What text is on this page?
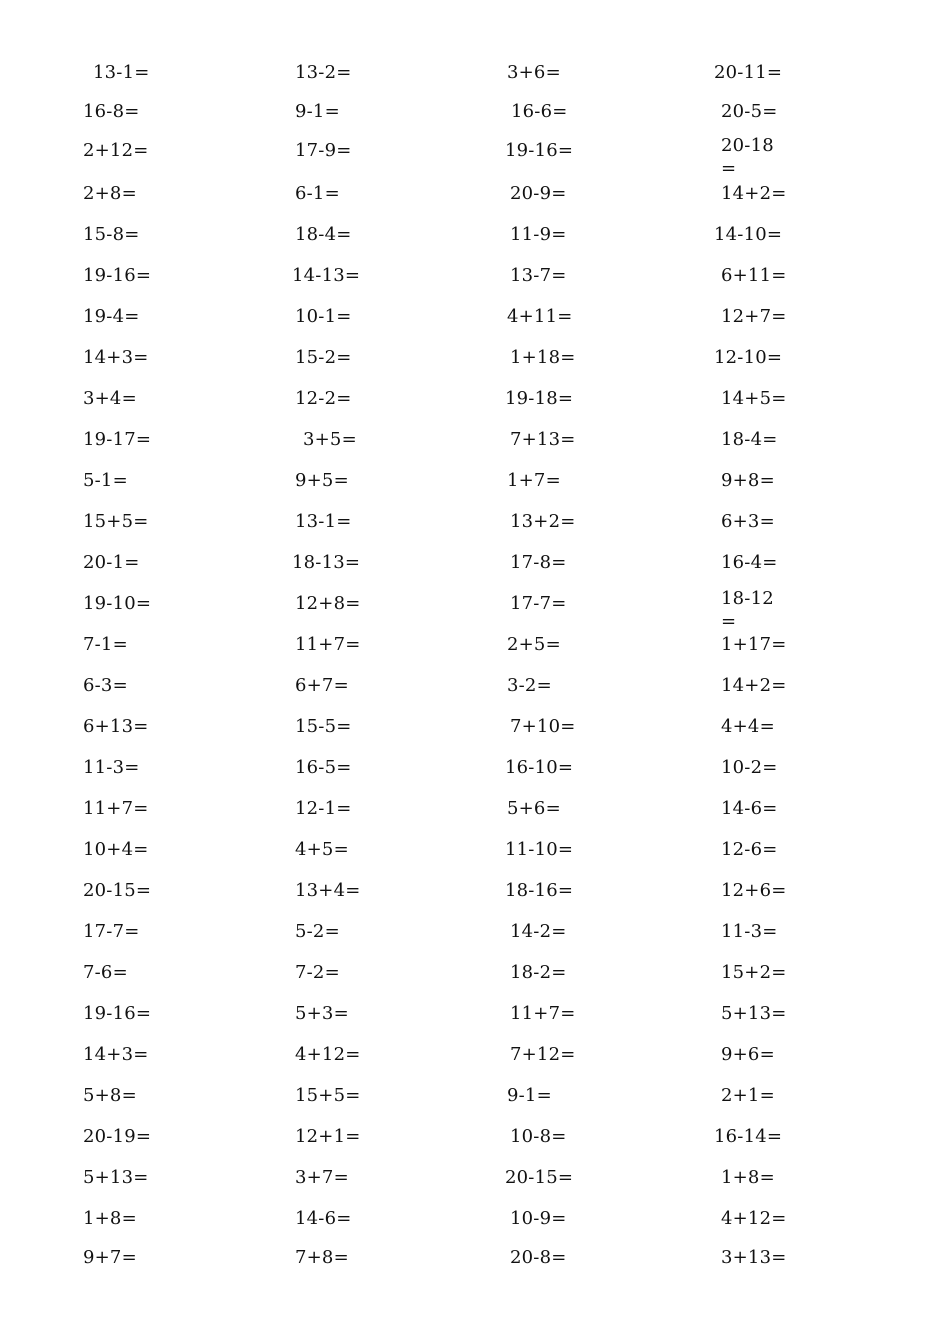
13-1=	13-2=	3+6=	20-11=
16-8=	9-1=	16-6=	20-5=
2+12=	17-9=	19-16=	20-18=
2+8=	6-1=	20-9=	14+2=
15-8=	18-4=	11-9=	14-10=
19-16=	14-13=	13-7=	6+11=
19-4=	10-1=	4+11=	12+7=
14+3=	15-2=	1+18=	12-10=
3+4=	12-2=	19-18=	14+5=
19-17=	3+5=	7+13=	18-4=
5-1=	9+5=	1+7=	9+8=
15+5=	13-1=	13+2=	6+3=
20-1=	18-13=	17-8=	16-4=
19-10=	12+8=	17-7=	18-12=
7-1=	11+7=	2+5=	1+17=
6-3=	6+7=	3-2=	14+2=
6+13=	15-5=	7+10=	4+4=
11-3=	16-5=	16-10=	10-2=
11+7=	12-1=	5+6=	14-6=
10+4=	4+5=	11-10=	12-6=
20-15=	13+4=	18-16=	12+6=
17-7=	5-2=	14-2=	11-3=
7-6=	7-2=	18-2=	15+2=
19-16=	5+3=	11+7=	5+13=
14+3=	4+12=	7+12=	9+6=
5+8=	15+5=	9-1=	2+1=
20-19=	12+1=	10-8=	16-14=
5+13=	3+7=	20-15=	1+8=
1+8=	14-6=	10-9=	4+12=
9+7=	7+8=	20-8=	3+13=
